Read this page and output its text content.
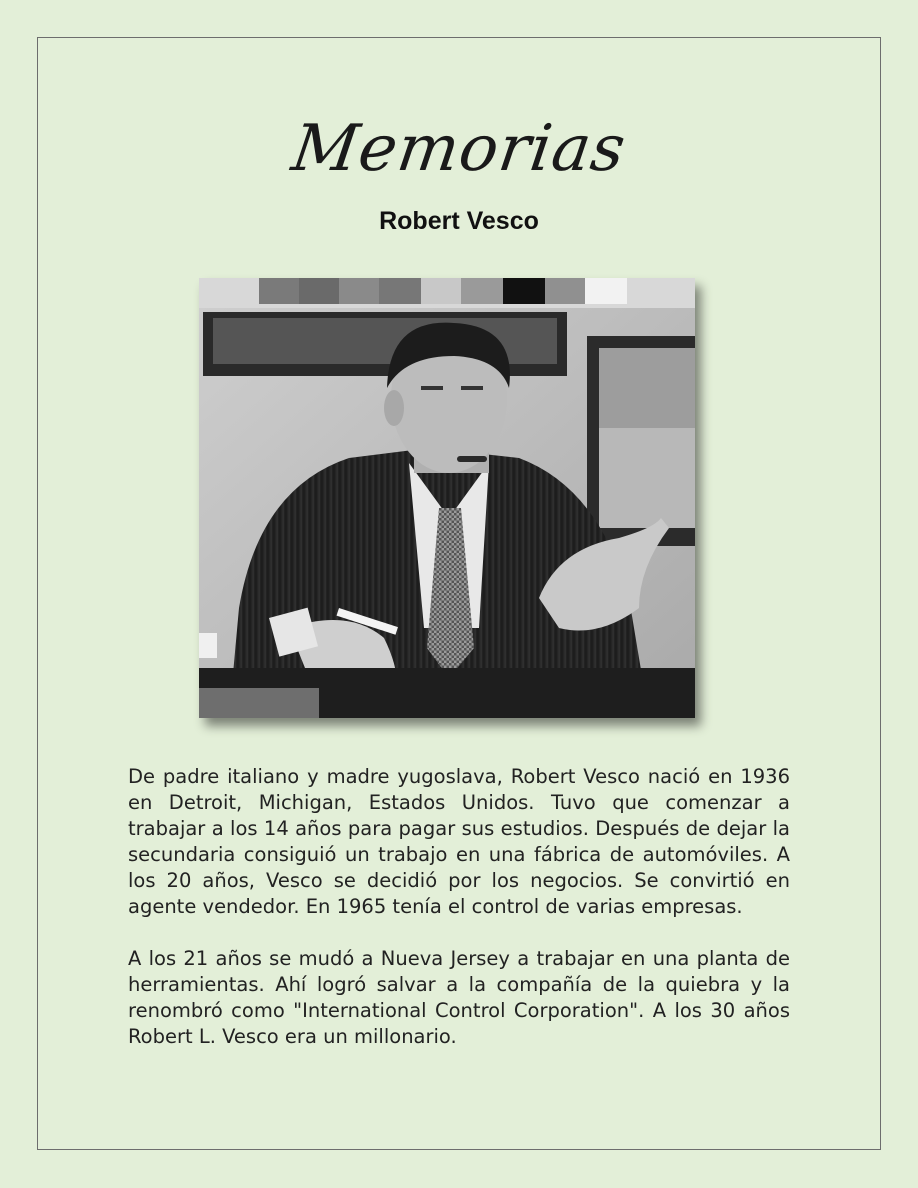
Memorias
Robert Vesco

De padre italiano y madre yugoslava, Robert Vesco nació en 1936 en Detroit, Michigan, Estados Unidos. Tuvo que comenzar a trabajar a los 14 años para pagar sus estudios. Después de dejar la secundaria consiguió un trabajo en una fábrica de automóviles. A los 20 años, Vesco se decidió por los negocios. Se convirtió en agente vendedor. En 1965 tenía el control de varias empresas.

A los 21 años se mudó a Nueva Jersey a trabajar en una planta de herramientas. Ahí logró salvar a la compañía de la quiebra y la renombró como "International Control Corporation". A los 30 años Robert L. Vesco era un millonario.
